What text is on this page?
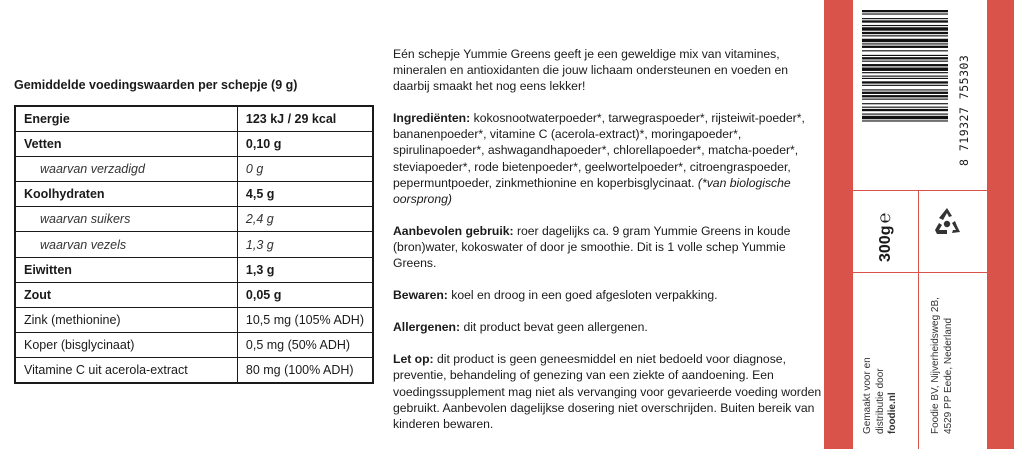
Gemiddelde voedingswaarden per schepje (9 g)
Energie	123 kJ / 29 kcal
Vetten	0,10 g
waarvan verzadigd	0 g
Koolhydraten	4,5 g
waarvan suikers	2,4 g
waarvan vezels	1,3 g
Eiwitten	1,3 g
Zout	0,05 g
Zink (methionine)	10,5 mg (105% ADH)
Koper (bisglycinaat)	0,5 mg (50% ADH)
Vitamine C uit acerola-extract	80 mg (100% ADH)

Eén schepje Yummie Greens geeft je een geweldige mix van vitamines, mineralen en antioxidanten die jouw lichaam ondersteunen en voeden en daarbij smaakt het nog eens lekker!

Ingrediënten: kokosnootwaterpoeder*, tarwegraspoeder*, rijsteiwit-poeder*, bananenpoeder*, vitamine C (acerola-extract)*, moringapoeder*, spirulinapoeder*, ashwagandhapoeder*, chlorellapoeder*, matcha-poeder*, steviapoeder*, rode bietenpoeder*, geelwortelpoeder*, citroengraspoeder, pepermuntpoeder, zinkmethionine en koperbisglycinaat. (*van biologische oorsprong)

Aanbevolen gebruik: roer dagelijks ca. 9 gram Yummie Greens in koude (bron)water, kokoswater of door je smoothie. Dit is 1 volle schep Yummie Greens.

Bewaren: koel en droog in een goed afgesloten verpakking.

Allergenen: dit product bevat geen allergenen.

Let op: dit product is geen geneesmiddel en niet bedoeld voor diagnose, preventie, behandeling of genezing van een ziekte of aandoening. Een voedingssupplement mag niet als vervanging voor gevarieerde voeding worden gebruikt. Aanbevolen dagelijkse dosering niet overschrijden. Buiten bereik van kinderen bewaren.

8 719327 755303
300g℮
Gemaakt voor en distributie door foodie.nl	Foodie BV, Nijverheidsweg 2B, 4529 PP Eede, Nederland
